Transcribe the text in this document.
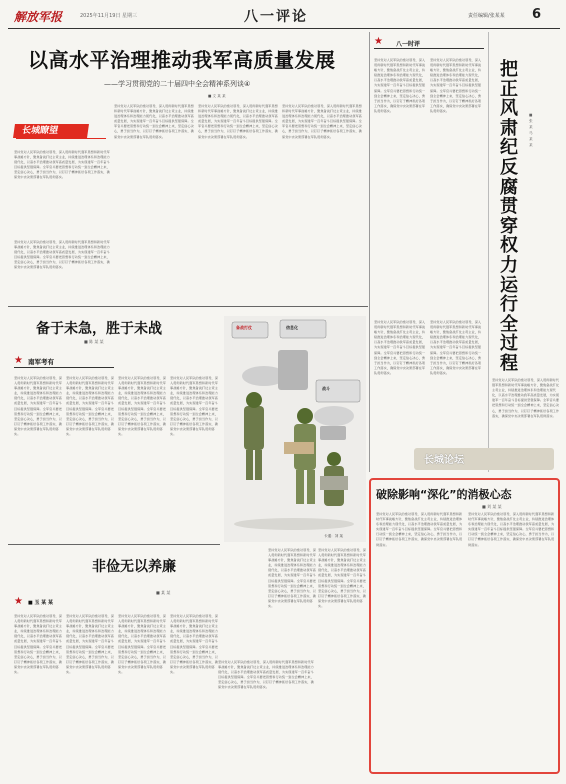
解放军报	2025年11月19日 星期三	八一评论	责任编辑/张某某 6
以高水平治理推动我军高质量发展
——学习贯彻党的二十届四中全会精神系列谈④
■ 文 某 某
坚持党对人民军队的绝对领导，深入贯彻新时代强军思想和新时代军事战略方针，聚焦备战打仗主责主业，持续推进治理体系和治理能力现代化，以高水平治理推动我军高质量发展，为实现建军一百年奋斗目标提供坚强保障。全军官兵要把思想和行动统一到全会精神上来，坚定信心决心，勇于担当作为，以钉钉子精神抓好各项工作落实，确保党中央决策部署在军队贯彻落实。
坚持党对人民军队的绝对领导，深入贯彻新时代强军思想和新时代军事战略方针，聚焦备战打仗主责主业，持续推进治理体系和治理能力现代化，以高水平治理推动我军高质量发展，为实现建军一百年奋斗目标提供坚强保障。全军官兵要把思想和行动统一到全会精神上来，坚定信心决心，勇于担当作为，以钉钉子精神抓好各项工作落实，确保党中央决策部署在军队贯彻落实。
坚持党对人民军队的绝对领导，深入贯彻新时代强军思想和新时代军事战略方针，聚焦备战打仗主责主业，持续推进治理体系和治理能力现代化，以高水平治理推动我军高质量发展，为实现建军一百年奋斗目标提供坚强保障。全军官兵要把思想和行动统一到全会精神上来，坚定信心决心，勇于担当作为，以钉钉子精神抓好各项工作落实，确保党中央决策部署在军队贯彻落实。
长城瞭望
坚持党对人民军队的绝对领导，深入贯彻新时代强军思想和新时代军事战略方针，聚焦备战打仗主责主业，持续推进治理体系和治理能力现代化，以高水平治理推动我军高质量发展，为实现建军一百年奋斗目标提供坚强保障。全军官兵要把思想和行动统一到全会精神上来，坚定信心决心，勇于担当作为，以钉钉子精神抓好各项工作落实，确保党中央决策部署在军队贯彻落实。
坚持党对人民军队的绝对领导，深入贯彻新时代强军思想和新时代军事战略方针，聚焦备战打仗主责主业，持续推进治理体系和治理能力现代化，以高水平治理推动我军高质量发展，为实现建军一百年奋斗目标提供坚强保障。全军官兵要把思想和行动统一到全会精神上来，坚定信心决心，勇于担当作为，以钉钉子精神抓好各项工作落实，确保党中央决策部署在军队贯彻落实。
★ 八一时评
坚持党对人民军队的绝对领导，深入贯彻新时代强军思想和新时代军事战略方针，聚焦备战打仗主责主业，持续推进治理体系和治理能力现代化，以高水平治理推动我军高质量发展，为实现建军一百年奋斗目标提供坚强保障。全军官兵要把思想和行动统一到全会精神上来，坚定信心决心，勇于担当作为，以钉钉子精神抓好各项工作落实，确保党中央决策部署在军队贯彻落实。
坚持党对人民军队的绝对领导，深入贯彻新时代强军思想和新时代军事战略方针，聚焦备战打仗主责主业，持续推进治理体系和治理能力现代化，以高水平治理推动我军高质量发展，为实现建军一百年奋斗目标提供坚强保障。全军官兵要把思想和行动统一到全会精神上来，坚定信心决心，勇于担当作为，以钉钉子精神抓好各项工作落实，确保党中央决策部署在军队贯彻落实。
坚持党对人民军队的绝对领导，深入贯彻新时代强军思想和新时代军事战略方针，聚焦备战打仗主责主业，持续推进治理体系和治理能力现代化，以高水平治理推动我军高质量发展，为实现建军一百年奋斗目标提供坚强保障。全军官兵要把思想和行动统一到全会精神上来，坚定信心决心，勇于担当作为，以钉钉子精神抓好各项工作落实，确保党中央决策部署在军队贯彻落实。
坚持党对人民军队的绝对领导，深入贯彻新时代强军思想和新时代军事战略方针，聚焦备战打仗主责主业，持续推进治理体系和治理能力现代化，以高水平治理推动我军高质量发展，为实现建军一百年奋斗目标提供坚强保障。全军官兵要把思想和行动统一到全会精神上来，坚定信心决心，勇于担当作为，以钉钉子精神抓好各项工作落实，确保党中央决策部署在军队贯彻落实。
把正风肃纪反腐贯穿权力运行全过程
■ 张 某 马 某 某
坚持党对人民军队的绝对领导，深入贯彻新时代强军思想和新时代军事战略方针，聚焦备战打仗主责主业，持续推进治理体系和治理能力现代化，以高水平治理推动我军高质量发展，为实现建军一百年奋斗目标提供坚强保障。全军官兵要把思想和行动统一到全会精神上来，坚定信心决心，勇于担当作为，以钉钉子精神抓好各项工作落实，确保党中央决策部署在军队贯彻落实。
备于未急，胜于未战
■ 陈 某 某
★ 南军考有
坚持党对人民军队的绝对领导，深入贯彻新时代强军思想和新时代军事战略方针，聚焦备战打仗主责主业，持续推进治理体系和治理能力现代化，以高水平治理推动我军高质量发展，为实现建军一百年奋斗目标提供坚强保障。全军官兵要把思想和行动统一到全会精神上来，坚定信心决心，勇于担当作为，以钉钉子精神抓好各项工作落实，确保党中央决策部署在军队贯彻落实。
坚持党对人民军队的绝对领导，深入贯彻新时代强军思想和新时代军事战略方针，聚焦备战打仗主责主业，持续推进治理体系和治理能力现代化，以高水平治理推动我军高质量发展，为实现建军一百年奋斗目标提供坚强保障。全军官兵要把思想和行动统一到全会精神上来，坚定信心决心，勇于担当作为，以钉钉子精神抓好各项工作落实，确保党中央决策部署在军队贯彻落实。
坚持党对人民军队的绝对领导，深入贯彻新时代强军思想和新时代军事战略方针，聚焦备战打仗主责主业，持续推进治理体系和治理能力现代化，以高水平治理推动我军高质量发展，为实现建军一百年奋斗目标提供坚强保障。全军官兵要把思想和行动统一到全会精神上来，坚定信心决心，勇于担当作为，以钉钉子精神抓好各项工作落实，确保党中央决策部署在军队贯彻落实。
坚持党对人民军队的绝对领导，深入贯彻新时代强军思想和新时代军事战略方针，聚焦备战打仗主责主业，持续推进治理体系和治理能力现代化，以高水平治理推动我军高质量发展，为实现建军一百年奋斗目标提供坚强保障。全军官兵要把思想和行动统一到全会精神上来，坚定信心决心，勇于担当作为，以钉钉子精神抓好各项工作落实，确保党中央决策部署在军队贯彻落实。
备战打仗	信息化
战斗
卡通：刘 某
坚持党对人民军队的绝对领导，深入贯彻新时代强军思想和新时代军事战略方针，聚焦备战打仗主责主业，持续推进治理体系和治理能力现代化，以高水平治理推动我军高质量发展，为实现建军一百年奋斗目标提供坚强保障。全军官兵要把思想和行动统一到全会精神上来，坚定信心决心，勇于担当作为，以钉钉子精神抓好各项工作落实，确保党中央决策部署在军队贯彻落实。
坚持党对人民军队的绝对领导，深入贯彻新时代强军思想和新时代军事战略方针，聚焦备战打仗主责主业，持续推进治理体系和治理能力现代化，以高水平治理推动我军高质量发展，为实现建军一百年奋斗目标提供坚强保障。全军官兵要把思想和行动统一到全会精神上来，坚定信心决心，勇于担当作为，以钉钉子精神抓好各项工作落实，确保党中央决策部署在军队贯彻落实。
坚持党对人民军队的绝对领导，深入贯彻新时代强军思想和新时代军事战略方针，聚焦备战打仗主责主业，持续推进治理体系和治理能力现代化，以高水平治理推动我军高质量发展，为实现建军一百年奋斗目标提供坚强保障。全军官兵要把思想和行动统一到全会精神上来，坚定信心决心，勇于担当作为，以钉钉子精神抓好各项工作落实，确保党中央决策部署在军队贯彻落实。
长城论坛
破除影响“深化”的消极心态
■ 刘 某 某
坚持党对人民军队的绝对领导，深入贯彻新时代强军思想和新时代军事战略方针，聚焦备战打仗主责主业，持续推进治理体系和治理能力现代化，以高水平治理推动我军高质量发展，为实现建军一百年奋斗目标提供坚强保障。全军官兵要把思想和行动统一到全会精神上来，坚定信心决心，勇于担当作为，以钉钉子精神抓好各项工作落实，确保党中央决策部署在军队贯彻落实。
坚持党对人民军队的绝对领导，深入贯彻新时代强军思想和新时代军事战略方针，聚焦备战打仗主责主业，持续推进治理体系和治理能力现代化，以高水平治理推动我军高质量发展，为实现建军一百年奋斗目标提供坚强保障。全军官兵要把思想和行动统一到全会精神上来，坚定信心决心，勇于担当作为，以钉钉子精神抓好各项工作落实，确保党中央决策部署在军队贯彻落实。
非俭无以养廉
■ 某 某
★ ■ 玉 某 某
坚持党对人民军队的绝对领导，深入贯彻新时代强军思想和新时代军事战略方针，聚焦备战打仗主责主业，持续推进治理体系和治理能力现代化，以高水平治理推动我军高质量发展，为实现建军一百年奋斗目标提供坚强保障。全军官兵要把思想和行动统一到全会精神上来，坚定信心决心，勇于担当作为，以钉钉子精神抓好各项工作落实，确保党中央决策部署在军队贯彻落实。
坚持党对人民军队的绝对领导，深入贯彻新时代强军思想和新时代军事战略方针，聚焦备战打仗主责主业，持续推进治理体系和治理能力现代化，以高水平治理推动我军高质量发展，为实现建军一百年奋斗目标提供坚强保障。全军官兵要把思想和行动统一到全会精神上来，坚定信心决心，勇于担当作为，以钉钉子精神抓好各项工作落实，确保党中央决策部署在军队贯彻落实。
坚持党对人民军队的绝对领导，深入贯彻新时代强军思想和新时代军事战略方针，聚焦备战打仗主责主业，持续推进治理体系和治理能力现代化，以高水平治理推动我军高质量发展，为实现建军一百年奋斗目标提供坚强保障。全军官兵要把思想和行动统一到全会精神上来，坚定信心决心，勇于担当作为，以钉钉子精神抓好各项工作落实，确保党中央决策部署在军队贯彻落实。
坚持党对人民军队的绝对领导，深入贯彻新时代强军思想和新时代军事战略方针，聚焦备战打仗主责主业，持续推进治理体系和治理能力现代化，以高水平治理推动我军高质量发展，为实现建军一百年奋斗目标提供坚强保障。全军官兵要把思想和行动统一到全会精神上来，坚定信心决心，勇于担当作为，以钉钉子精神抓好各项工作落实，确保党中央决策部署在军队贯彻落实。
